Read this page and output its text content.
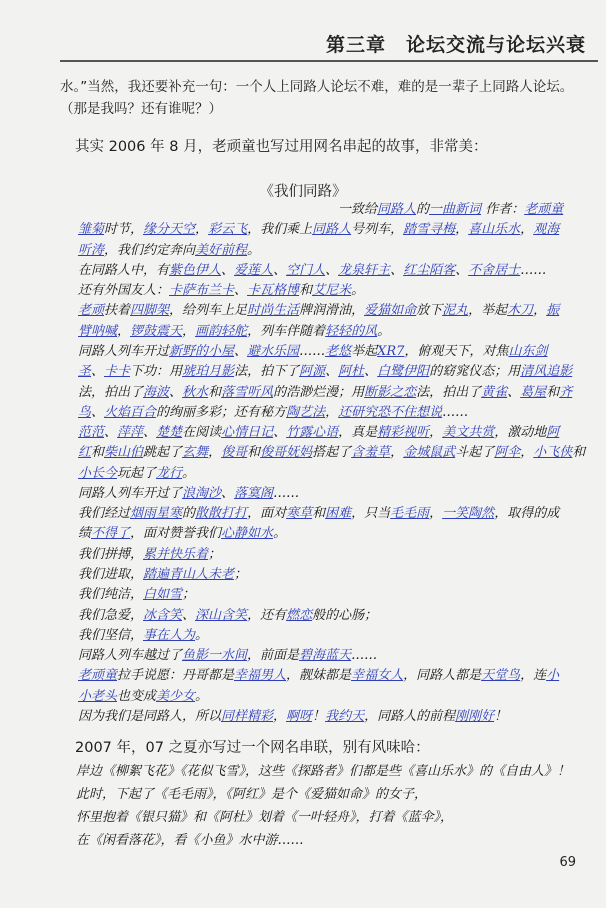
第三章　论坛交流与论坛兴衰
水。”当然，我还要补充一句：一个人上同路人论坛不难，难的是一辈子上同路人论坛。
（那是我吗？还有谁呢？）
其实 2006 年 8 月，老顽童也写过用网名串起的故事，非常美：
《我们同路》
一致给同路人的一曲新词 作者：老顽童
雏菊时节，缘分天空，彩云飞，我们乘上同路人号列车，踏雪寻梅，喜山乐水，观海
听涛，我们约定奔向美好前程。
在同路人中，有紫色伊人、爱莲人、空门人、龙泉轩主、红尘陌客、不舍居士……
还有外国友人：卡萨布兰卡、卡瓦格博和艾尼米。
老顽扶着四脚架，给列车上足时尚生活牌润滑油，爱猫如命放下泥丸，举起木刀，振
臂呐喊，锣鼓震天，画韵轻舵，列车伴随着轻轻的风。
同路人列车开过新野的小屋、避水乐园……老悠举起XR7，俯观天下，对焦山东剑
圣、卡卡下功：用琥珀月影法，拍下了阿源、阿杜、白鹭伊阳的窈窕仪态；用清风追影
法，拍出了海波、秋水和落雪听风的浩渺烂漫；用断影之恋法，拍出了黄雀、葛屋和齐
鸟、火焰百合的绚丽多彩；还有秘方陶艺法，还研究恐不住想说……
范范、萍萍、楚楚在阅读心情日记、竹露心语，真是精彩视听，美文共赏，激动地阿
红和柴山伯跳起了玄舞，俊哥和俊哥妩妈搭起了含羞草，金城鼠武斗起了阿伞，小飞侠和
小长今玩起了龙行。
同路人列车开过了浪淘沙、落寞阁……
我们经过烟雨星寒的散散打打，面对寒草和困难，只当毛毛雨，一笑陶然，取得的成
绩不得了，面对赞誉我们心静如水。
我们拼搏，累并快乐着；
我们进取，踏遍青山人未老；
我们纯洁，白如雪；
我们急爱，冰含笑、深山含笑，还有燃恋般的心肠；
我们坚信，事在人为。
同路人列车越过了鱼影一水间，前面是碧海蓝天……
老顽童拉手说愿：丹哥都是幸福男人，靓妹都是幸福女人，同路人都是天堂鸟，连小
小老头也变成美少女。
因为我们是同路人，所以同样精彩，啊呀！我约天，同路人的前程刚刚好！
2007 年，07 之夏亦写过一个网名串联，别有风味哈：
岸边《柳絮飞花》《花似飞雪》，这些《探路者》们都是些《喜山乐水》的《自由人》！
此时，下起了《毛毛雨》，《阿红》是个《爱猫如命》的女子，
怀里抱着《银只猫》和《阿杜》划着《一叶轻舟》，打着《蓝伞》，
在《闲看落花》，看《小鱼》水中游……
69
